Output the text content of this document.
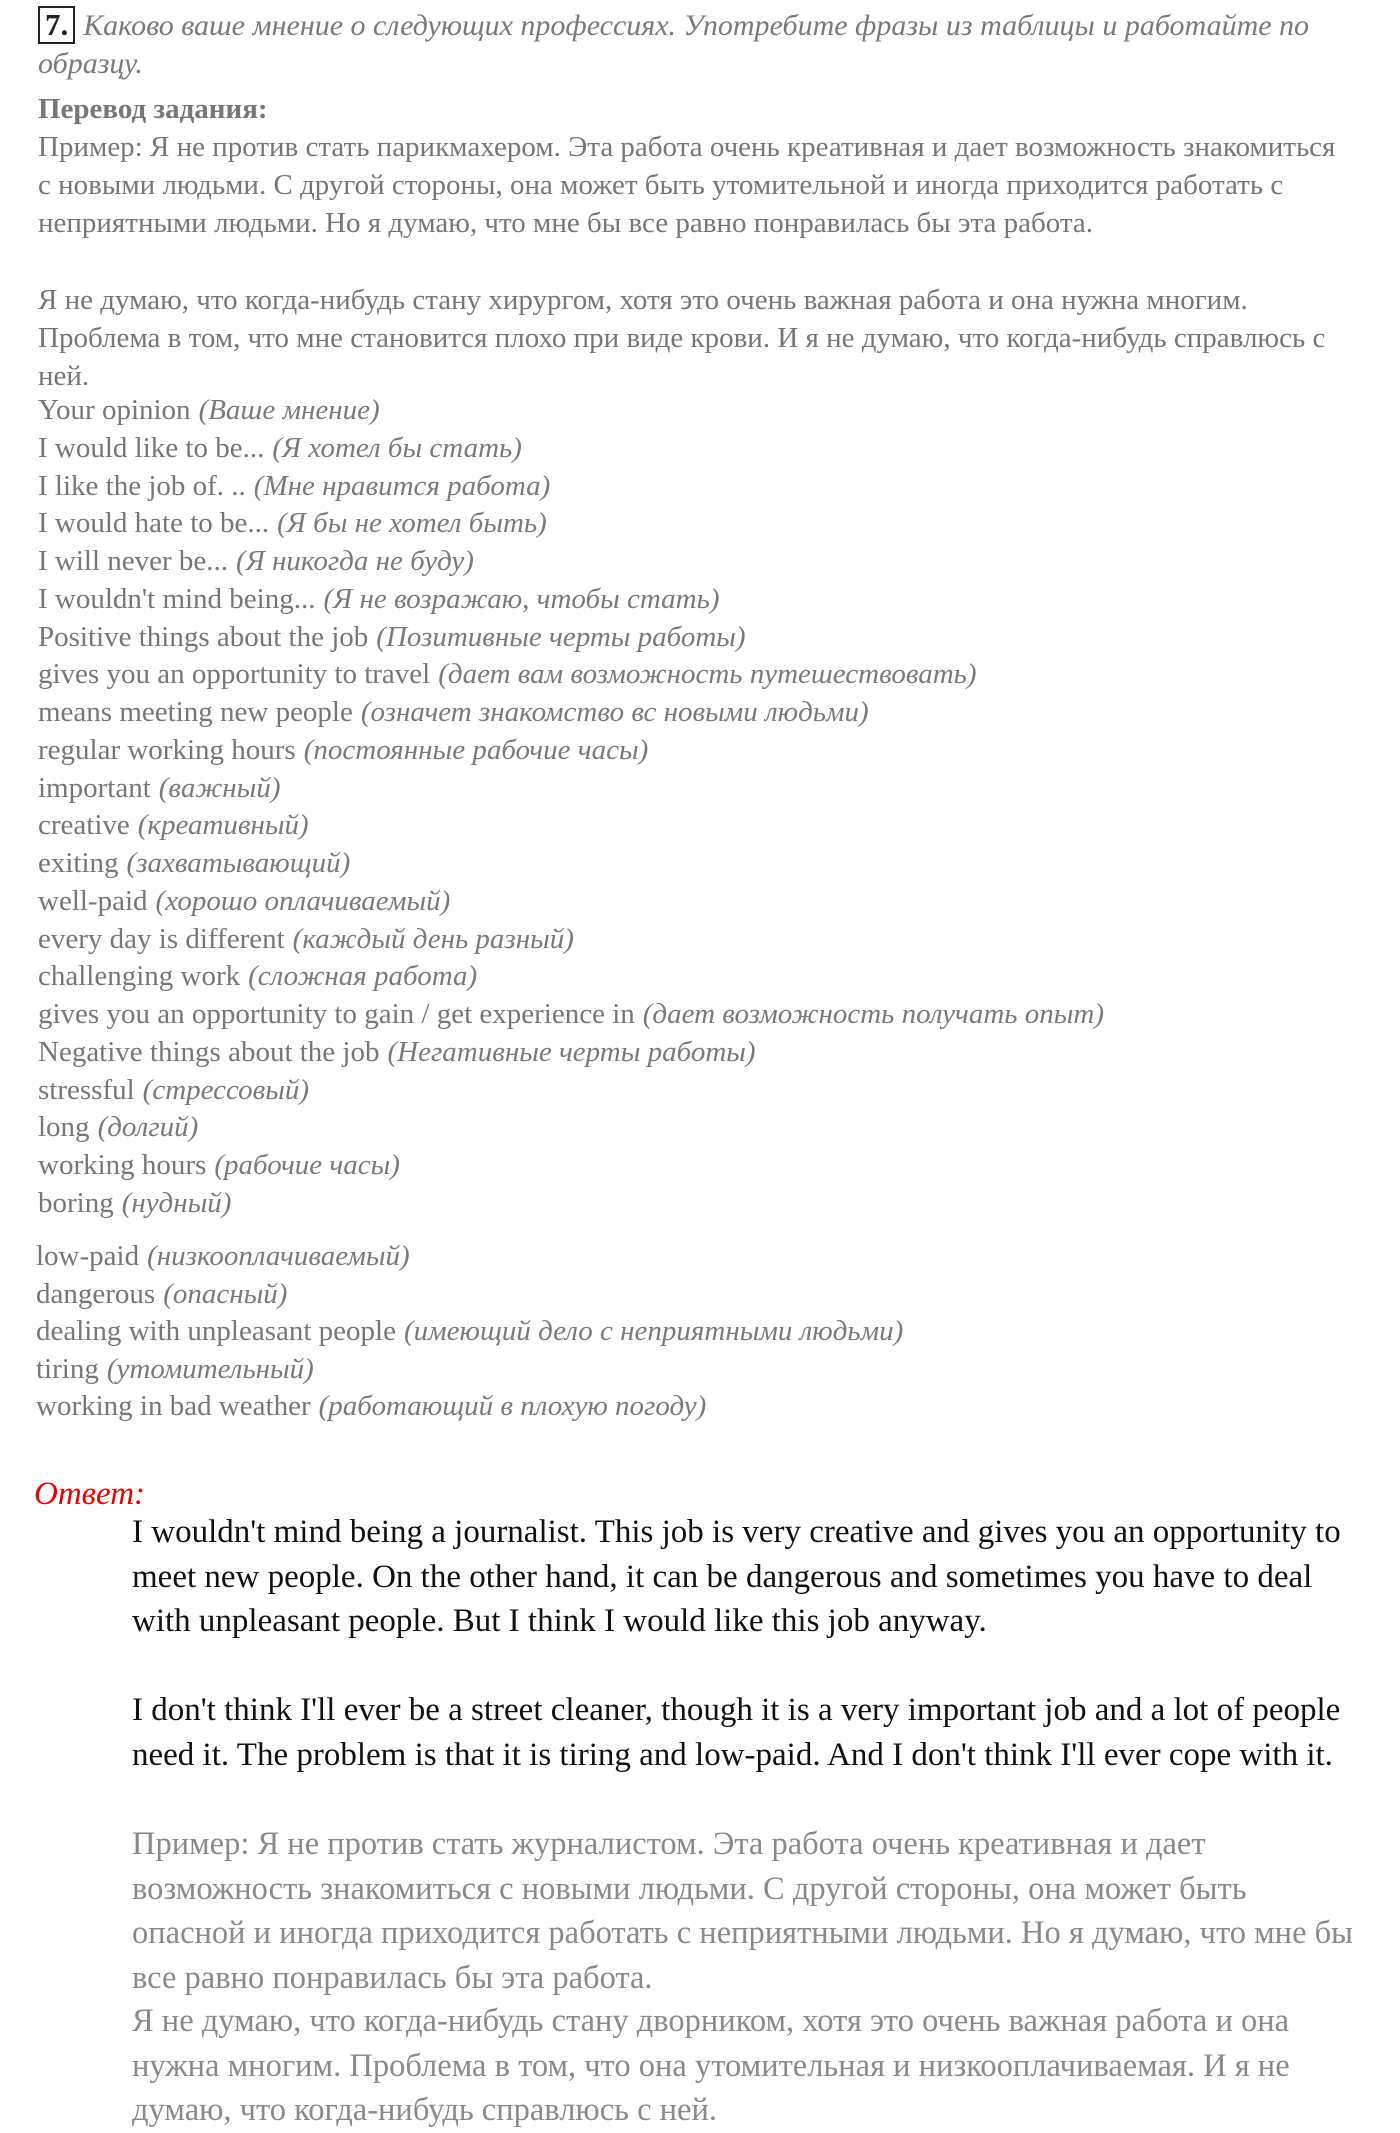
7. Каково ваше мнение о следующих профессиях. Употребите фразы из таблицы и работайте по образцу.
Перевод задания:

Пример: Я не против стать парикмахером. Эта работа очень креативная и дает возможность знакомиться с новыми людьми. С другой стороны, она может быть утомительной и иногда приходится работать с неприятными людьми. Но я думаю, что мне бы все равно понравилась бы эта работа.

Я не думаю, что когда-нибудь стану хирургом, хотя это очень важная работа и она нужна многим. Проблема в том, что мне становится плохо при виде крови. И я не думаю, что когда-нибудь справлюсь с ней.

Your opinion (Ваше мнение)
I would like to be... (Я хотел бы стать)
I like the job of. .. (Мне нравится работа)
I would hate to be... (Я бы не хотел быть)
I will never be... (Я никогда не буду)
I wouldn't mind being... (Я не возражаю, чтобы стать)
Positive things about the job (Позитивные черты работы)
gives you an opportunity to travel (дает вам возможность путешествовать)
means meeting new people (означет знакомство вс новыми людьми)
regular working hours (постоянные рабочие часы)
important (важный)
creative (креативный)
exiting (захватывающий)
well-paid (хорошо оплачиваемый)
every day is different (каждый день разный)
challenging work (сложная работа)
gives you an opportunity to gain / get experience in (дает возможность получать опыт)
Negative things about the job (Негативные черты работы)
stressful (стрессовый)
long (долгий)
working hours (рабочие часы)
boring (нудный)
low-paid (низкооплачиваемый)
dangerous (опасный)
dealing with unpleasant people (имеющий дело с неприятными людьми)
tiring (утомительный)
working in bad weather (работающий в плохую погоду)
Ответ:

I wouldn't mind being a journalist. This job is very creative and gives you an opportunity to meet new people. On the other hand, it can be dangerous and sometimes you have to deal with unpleasant people. But I think I would like this job anyway.

I don't think I'll ever be a street cleaner, though it is a very important job and a lot of people need it. The problem is that it is tiring and low-paid. And I don't think I'll ever cope with it.

Пример: Я не против стать журналистом. Эта работа очень креативная и дает возможность знакомиться с новыми людьми. С другой стороны, она может быть опасной и иногда приходится работать с неприятными людьми. Но я думаю, что мне бы все равно понравилась бы эта работа.

Я не думаю, что когда-нибудь стану дворником, хотя это очень важная работа и она нужна многим. Проблема в том, что она утомительная и низкооплачиваемая. И я не думаю, что когда-нибудь справлюсь с ней.
